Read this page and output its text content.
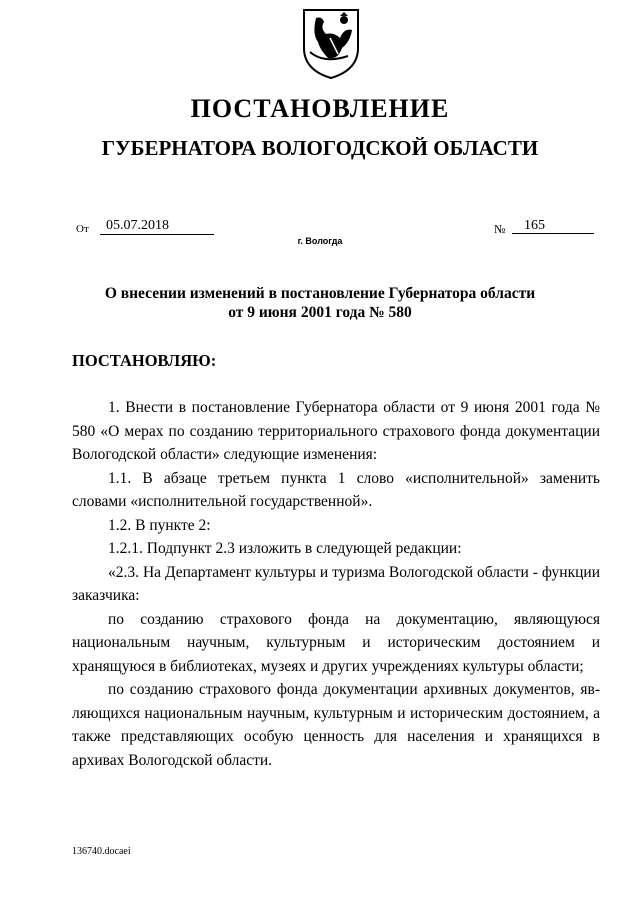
ПОСТАНОВЛЕНИЕ
ГУБЕРНАТОРА ВОЛОГОДСКОЙ ОБЛАСТИ
От	05.07.2018	№	165
г. Вологда
О внесении изменений в постановление Губернатора области
от 9 июня 2001 года № 580
ПОСТАНОВЛЯЮ:

1. Внести в постановление Губернатора области от 9 июня 2001 года № 580 «О мерах по созданию территориального страхового фонда документации Вологодской области» следующие изменения:

1.1. В абзаце третьем пункта 1 слово «исполнительной» заменить словами «исполнительной государственной».

1.2. В пункте 2:

1.2.1. Подпункт 2.3 изложить в следующей редакции:

«2.3. На Департамент культуры и туризма Вологодской области - функции заказчика:

по созданию страхового фонда на документацию, являющуюся национальным научным, культурным и историческим достоянием и хранящуюся в библиотеках, музеях и других учреждениях культуры области;

по созданию страхового фонда документации архивных документов, являющихся национальным научным, культурным и историческим достоянием, а также представляющих особую ценность для населения и хранящихся в архивах Вологодской области.

136740.docaei
